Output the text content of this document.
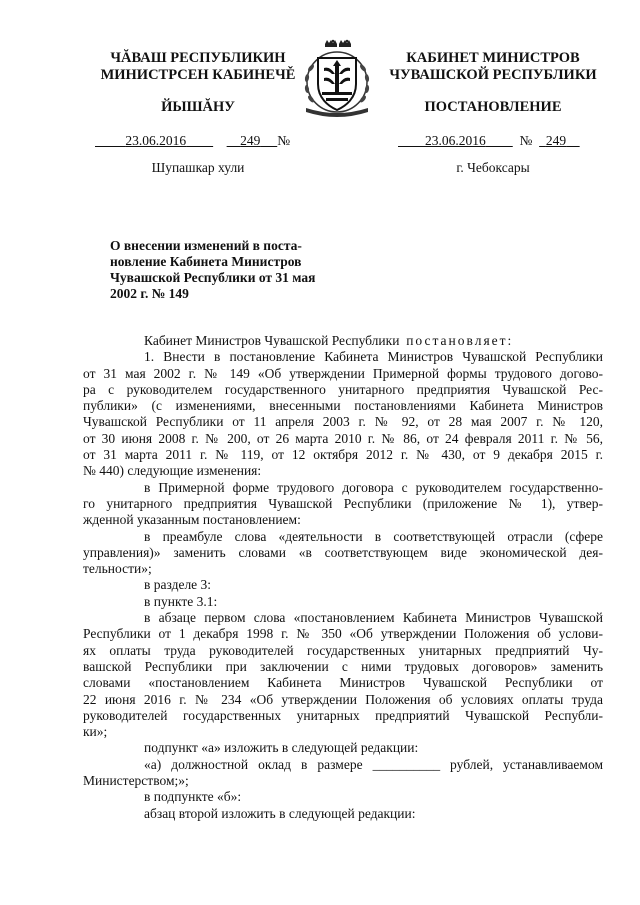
ЧĂВАШ РЕСПУБЛИКИН
МИНИСТРСЕН КАБИНЕЧĚ
ЙЫШĂНУ
КАБИНЕТ МИНИСТРОВ
ЧУВАШСКОЙ РЕСПУБЛИКИ
ПОСТАНОВЛЕНИЕ
23.06.2016	249 №	23.06.2016	№ 249
Шупашкар хули	г. Чебоксары
О внесении изменений в поста-
новление Кабинета Министров
Чувашской Республики от 31 мая
2002 г. № 149

Кабинет Министров Чувашской Республики постановляет:

1. Внести в постановление Кабинета Министров Чувашской Республики

от 31 мая 2002 г. № 149 «Об утверждении Примерной формы трудового догово-

ра с руководителем государственного унитарного предприятия Чувашской Рес-

публики» (с изменениями, внесенными постановлениями Кабинета Министров

Чувашской Республики от 11 апреля 2003 г. № 92, от 28 мая 2007 г. № 120,

от 30 июня 2008 г. № 200, от 26 марта 2010 г. № 86, от 24 февраля 2011 г. № 56,

от 31 марта 2011 г. № 119, от 12 октября 2012 г. № 430, от 9 декабря 2015 г.

№ 440) следующие изменения:

в Примерной форме трудового договора с руководителем государственно-

го унитарного предприятия Чувашской Республики (приложение № 1), утвер-

жденной указанным постановлением:

в преамбуле слова «деятельности в соответствующей отрасли (сфере

управления)» заменить словами «в соответствующем виде экономической дея-

тельности»;

в разделе 3:

в пункте 3.1:

в абзаце первом слова «постановлением Кабинета Министров Чувашской

Республики от 1 декабря 1998 г. № 350 «Об утверждении Положения об услови-

ях оплаты труда руководителей государственных унитарных предприятий Чу-

вашской Республики при заключении с ними трудовых договоров» заменить

словами «постановлением Кабинета Министров Чувашской Республики от

22 июня 2016 г. № 234 «Об утверждении Положения об условиях оплаты труда

руководителей государственных унитарных предприятий Чувашской Республи-

ки»;

подпункт «а» изложить в следующей редакции:

«а) должностной оклад в размере __________ рублей, устанавливаемом

Министерством;»;

в подпункте «б»:

абзац второй изложить в следующей редакции:
